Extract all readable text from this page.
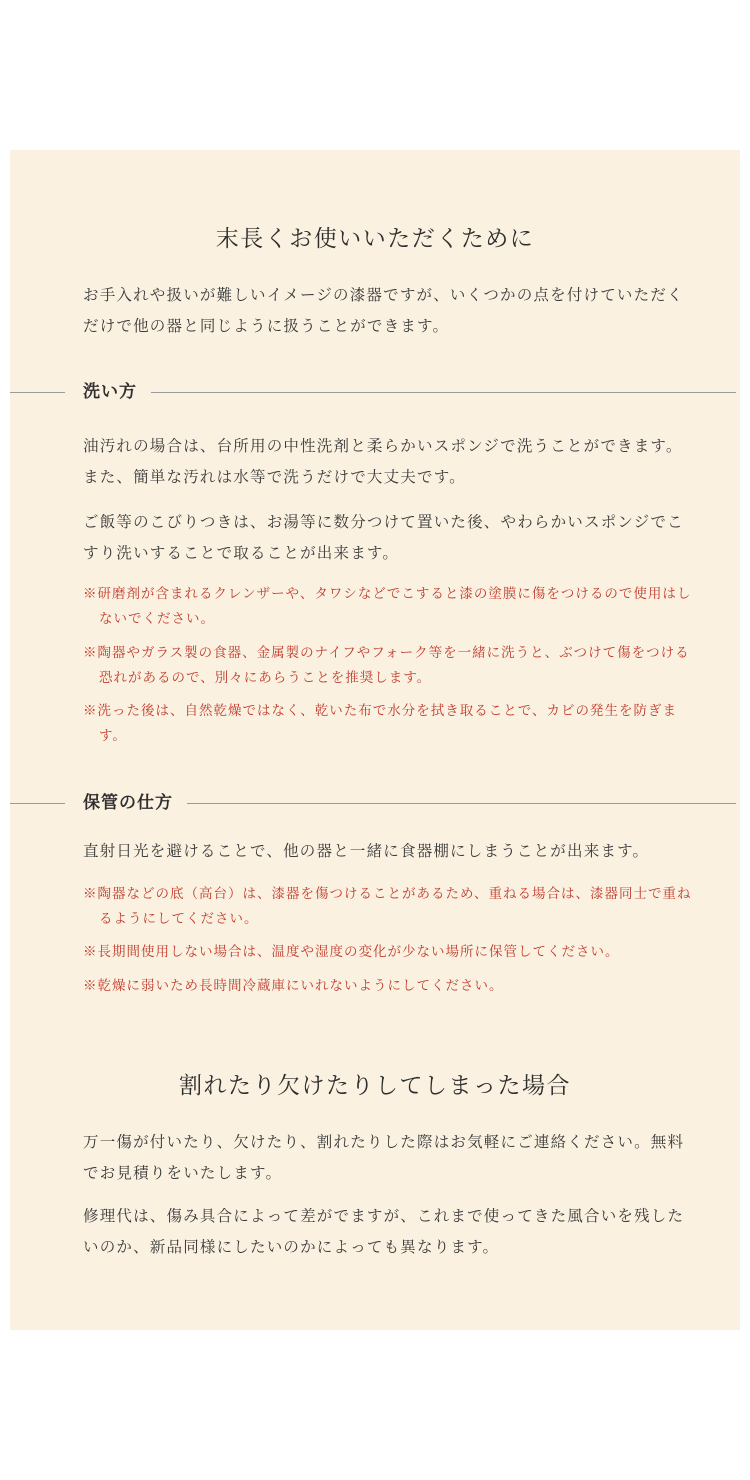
末長くお使いいただくために

お手入れや扱いが難しいイメージの漆器ですが、いくつかの点を付けていただくだけで他の器と同じように扱うことができます。

洗い方

油汚れの場合は、台所用の中性洗剤と柔らかいスポンジで洗うことができます。また、簡単な汚れは水等で洗うだけで大丈夫です。

ご飯等のこびりつきは、お湯等に数分つけて置いた後、やわらかいスポンジでこすり洗いすることで取ることが出来ます。

※研磨剤が含まれるクレンザーや、タワシなどでこすると漆の塗膜に傷をつけるので使用はしないでください。

※陶器やガラス製の食器、金属製のナイフやフォーク等を一緒に洗うと、ぶつけて傷をつける恐れがあるので、別々にあらうことを推奨します。

※洗った後は、自然乾燥ではなく、乾いた布で水分を拭き取ることで、カビの発生を防ぎます。

保管の仕方

直射日光を避けることで、他の器と一緒に食器棚にしまうことが出来ます。

※陶器などの底（高台）は、漆器を傷つけることがあるため、重ねる場合は、漆器同士で重ねるようにしてください。

※長期間使用しない場合は、温度や湿度の変化が少ない場所に保管してください。

※乾燥に弱いため長時間冷蔵庫にいれないようにしてください。

割れたり欠けたりしてしまった場合

万一傷が付いたり、欠けたり、割れたりした際はお気軽にご連絡ください。無料でお見積りをいたします。

修理代は、傷み具合によって差がでますが、これまで使ってきた風合いを残したいのか、新品同様にしたいのかによっても異なります。
